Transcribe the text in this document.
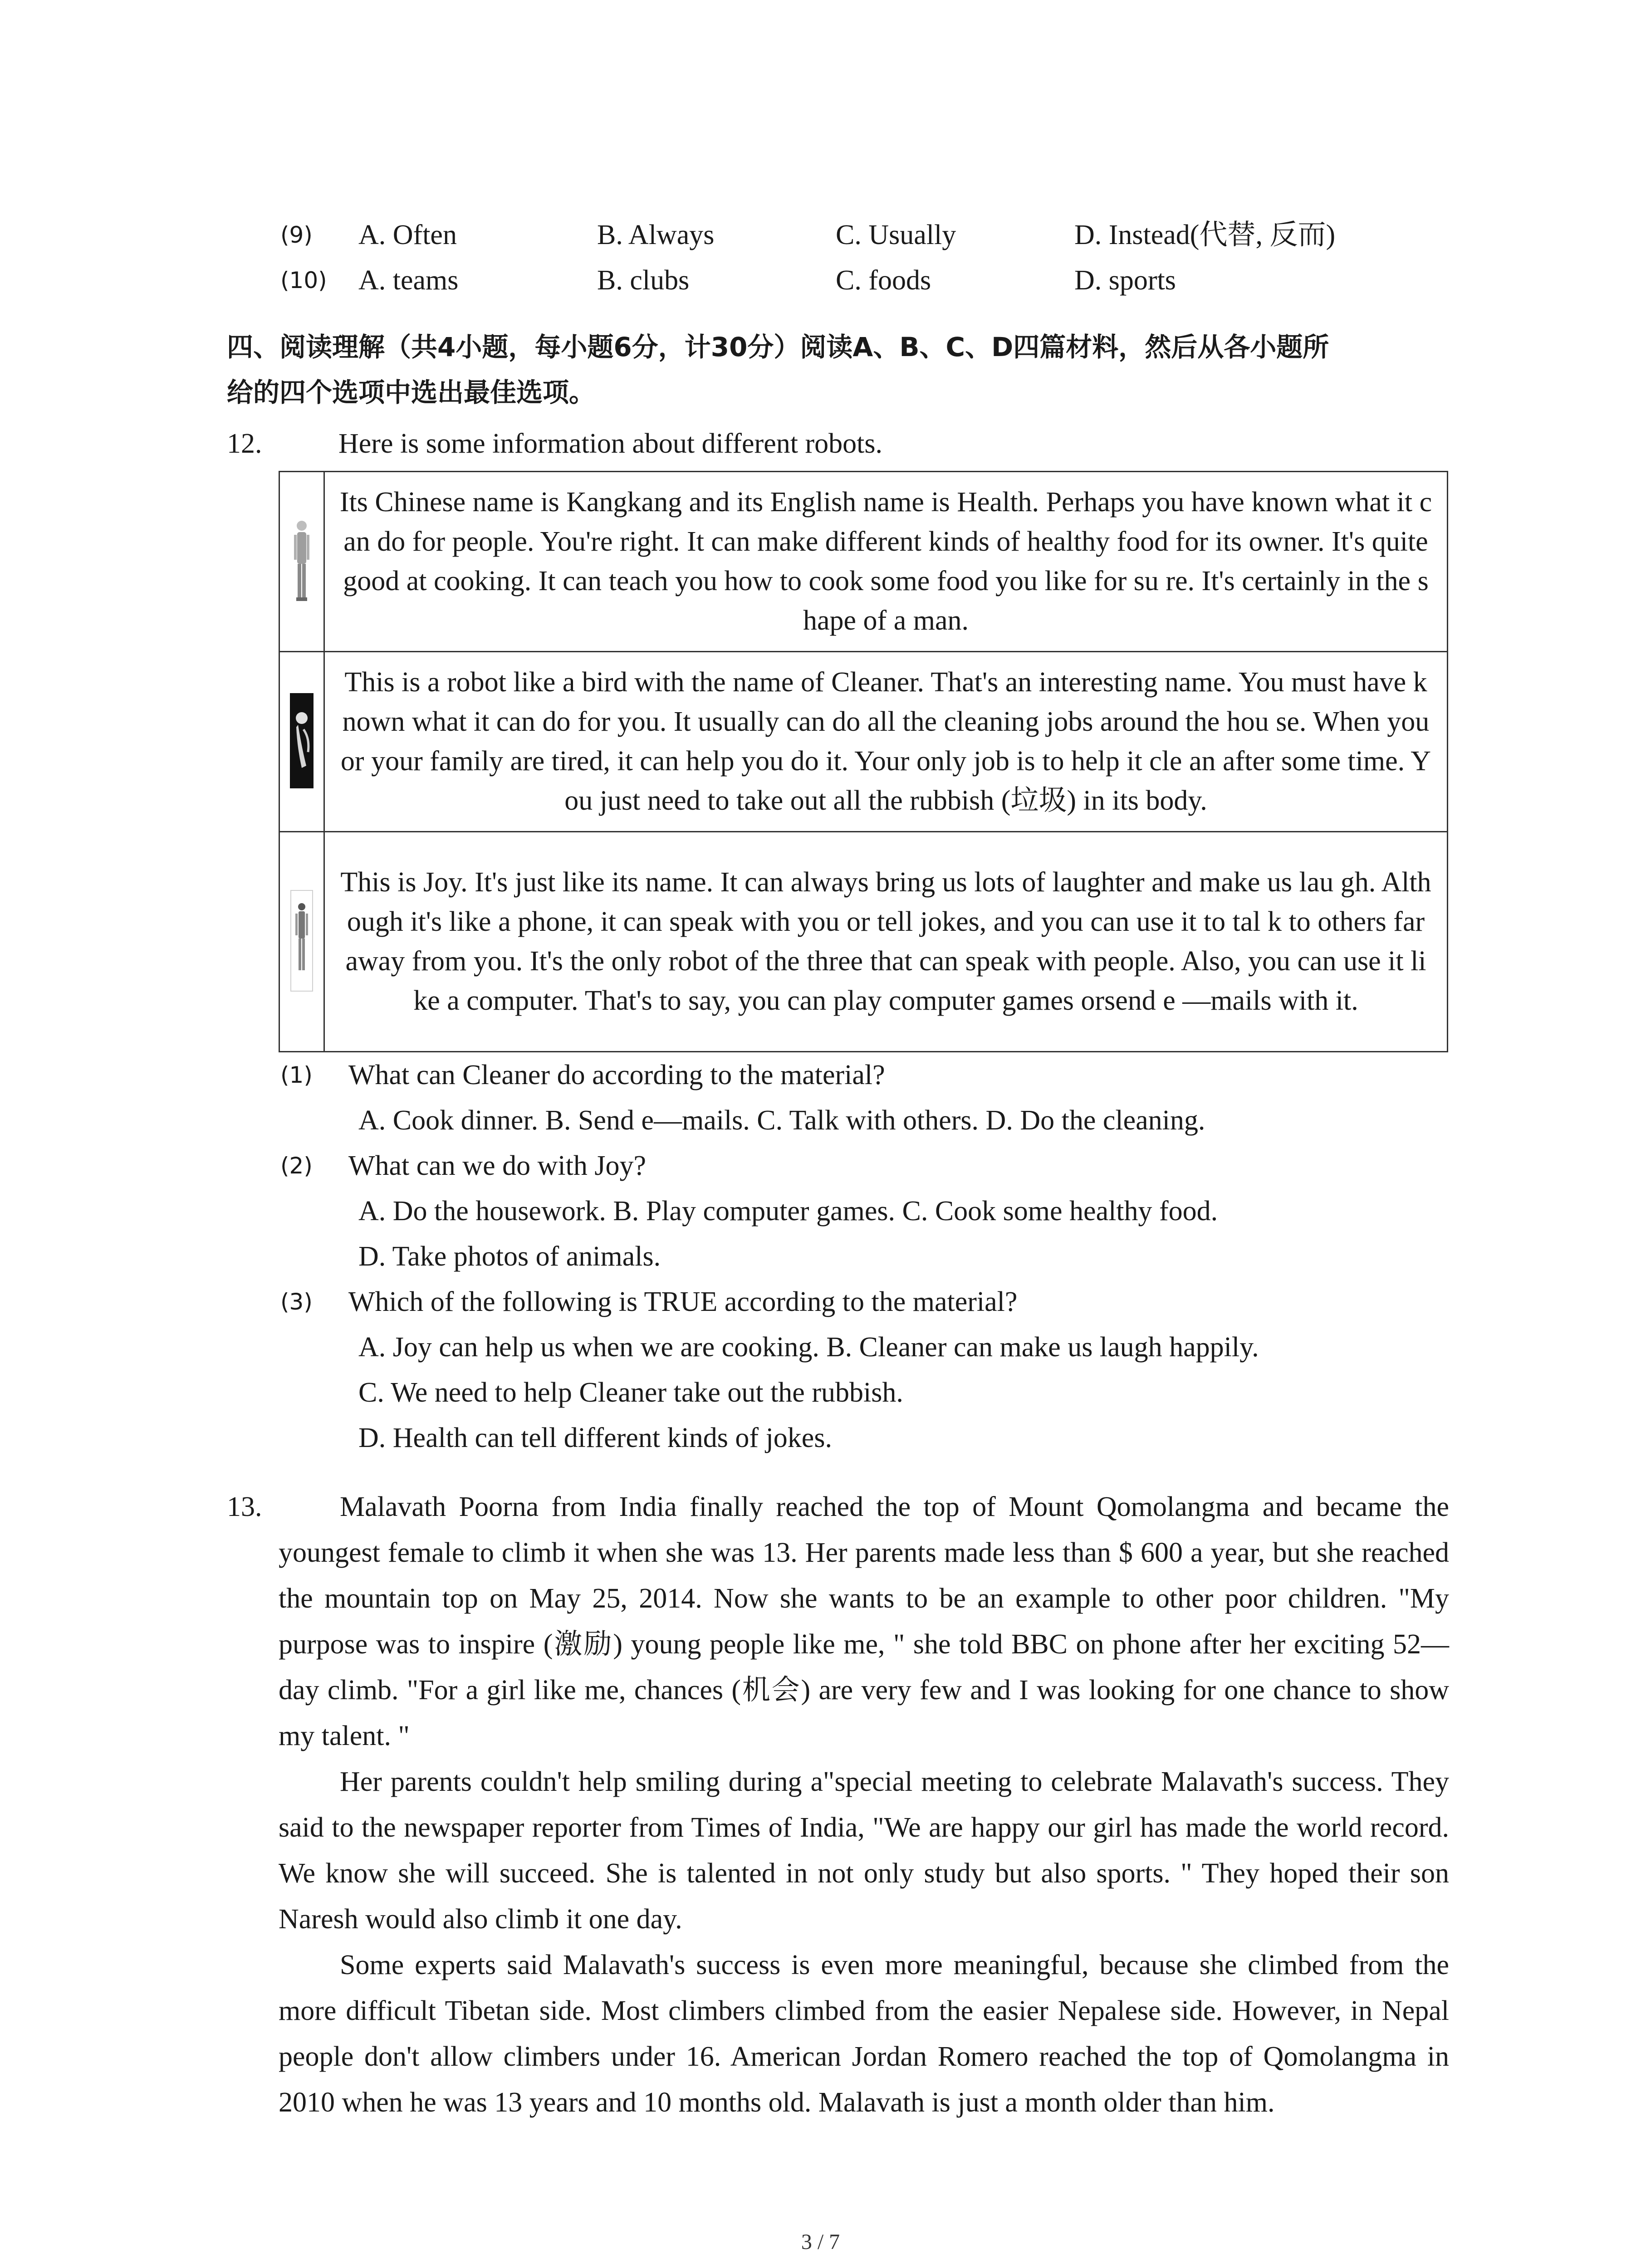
(9) A. Often	B. Always	C. Usually	D. Instead(代替, 反而)
(10) A. teams	B. clubs	C. foods	D. sports
四、阅读理解（共4小题，每小题6分，计30分）阅读A、B、C、D四篇材料，然后从各小题所
给的四个选项中选出最佳选项。
12.	Here is some information about different robots.
	Its Chinese name is Kangkang and its English name is Health. Perhaps you have known what it can do for people. You're right. It can make different kinds of healthy food for its owner. It's quite good at cooking. It can teach you how to cook some food you like for su re. It's certainly in the shape of a man.
	This is a robot like a bird with the name of Cleaner. That's an interesting name. You must have known what it can do for you. It usually can do all the cleaning jobs around the hou se. When you or your family are tired, it can help you do it. Your only job is to help it cle an after some time. You just need to take out all the rubbish (垃圾) in its body.
	This is Joy. It's just like its name. It can always bring us lots of laughter and make us lau gh. Although it's like a phone, it can speak with you or tell jokes, and you can use it to tal k to others far away from you. It's the only robot of the three that can speak with people. Also, you can use it like a computer. That's to say, you can play computer games orsend e —mails with it.
(1) What can Cleaner do according to the material?
A. Cook dinner. B. Send e—mails. C. Talk with others. D. Do the cleaning.
(2) What can we do with Joy?
A. Do the housework. B. Play computer games. C. Cook some healthy food.
D. Take photos of animals.
(3) Which of the following is TRUE according to the material?
A. Joy can help us when we are cooking. B. Cleaner can make us laugh happily.
C. We need to help Cleaner take out the rubbish.
D. Health can tell different kinds of jokes.
13.	Malavath Poorna from India finally reached the top of Mount Qomolangma and became the youngest female to climb it when she was 13. Her parents made less than $ 600 a year, but she reached the mountain top on May 25, 2014. Now she wants to be an example to other poor children. "My purpose was to inspire (激励) young people like me, " she told BBC on phone after her exciting 52—day climb. "For a girl like me, chances (机会) are very few and I was looking for one chance to show my talent. "
Her parents couldn't help smiling during a"special meeting to celebrate Malavath's success. They said to the newspaper reporter from Times of India, "We are happy our girl has made the world record. We know she will succeed. She is talented in not only study but also sports. " They hoped their son Naresh would also climb it one day.
Some experts said Malavath's success is even more meaningful, because she climbed from the more difficult Tibetan side. Most climbers climbed from the easier Nepalese side. However, in Nepal people don't allow climbers under 16. American Jordan Romero reached the top of Qomolangma in 2010 when he was 13 years and 10 months old. Malavath is just a month older than him.
3 / 7
